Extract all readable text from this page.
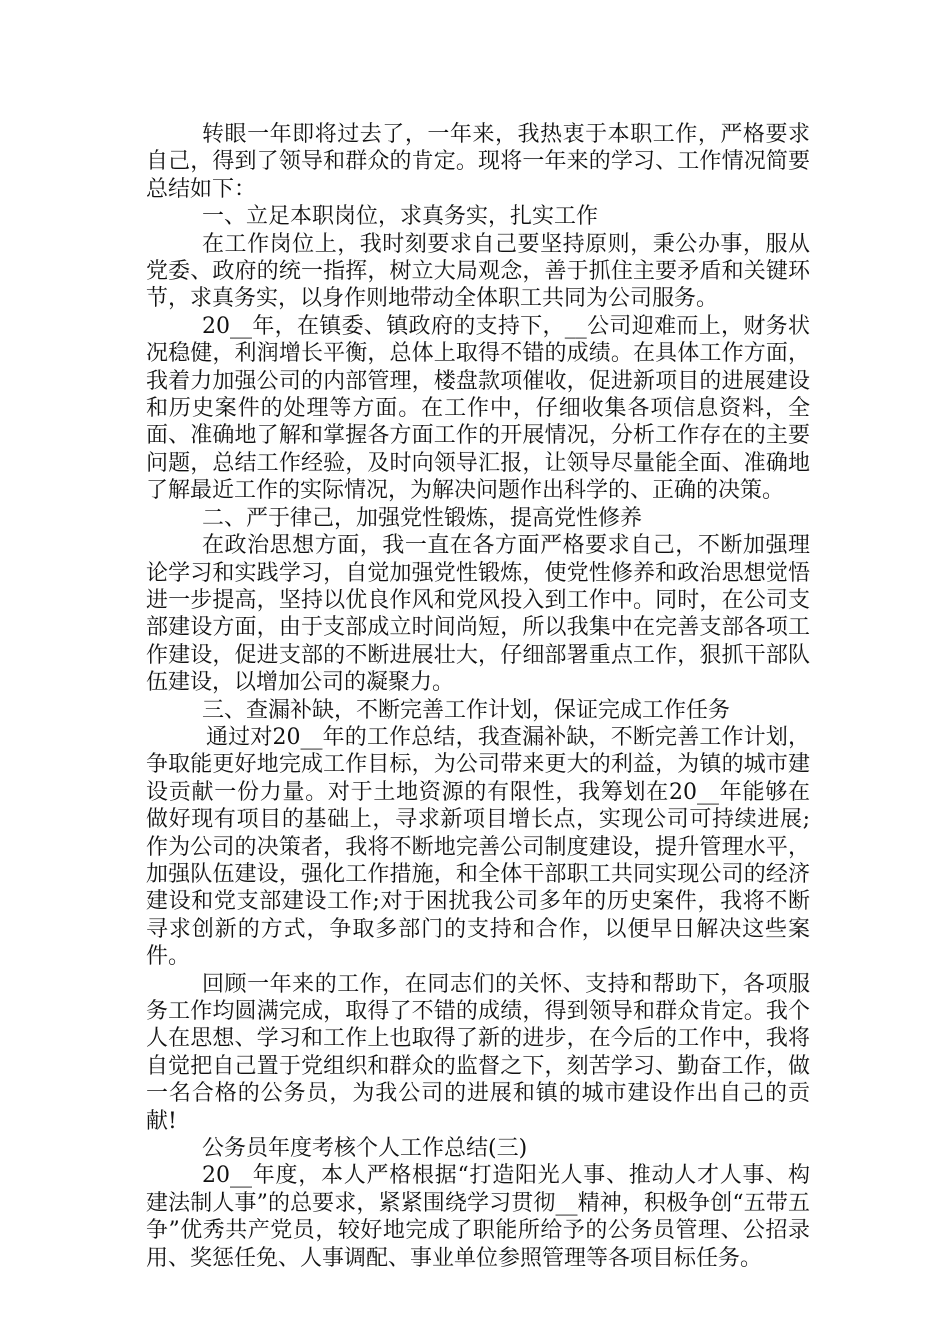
转眼一年即将过去了，一年来，我热衷于本职工作，严格要求自己，得到了领导和群众的肯定。现将一年来的学习、工作情况简要总结如下：

一、立足本职岗位，求真务实，扎实工作

在工作岗位上，我时刻要求自己要坚持原则，秉公办事，服从党委、政府的统一指挥，树立大局观念，善于抓住主要矛盾和关键环节，求真务实，以身作则地带动全体职工共同为公司服务。

20__年，在镇委、镇政府的支持下，__公司迎难而上，财务状况稳健，利润增长平衡，总体上取得不错的成绩。在具体工作方面，我着力加强公司的内部管理，楼盘款项催收，促进新项目的进展建设和历史案件的处理等方面。在工作中，仔细收集各项信息资料，全面、准确地了解和掌握各方面工作的开展情况，分析工作存在的主要问题，总结工作经验，及时向领导汇报，让领导尽量能全面、准确地了解最近工作的实际情况，为解决问题作出科学的、正确的决策。

二、严于律己，加强党性锻炼，提高党性修养

在政治思想方面，我一直在各方面严格要求自己，不断加强理论学习和实践学习，自觉加强党性锻炼，使党性修养和政治思想觉悟进一步提高，坚持以优良作风和党风投入到工作中。同时，在公司支部建设方面，由于支部成立时间尚短，所以我集中在完善支部各项工作建设，促进支部的不断进展壮大，仔细部署重点工作，狠抓干部队伍建设，以增加公司的凝聚力。

三、查漏补缺，不断完善工作计划，保证完成工作任务

通过对20__年的工作总结，我查漏补缺，不断完善工作计划，争取能更好地完成工作目标，为公司带来更大的利益，为镇的城市建设贡献一份力量。对于土地资源的有限性，我筹划在20__年能够在做好现有项目的基础上，寻求新项目增长点，实现公司可持续进展;作为公司的决策者，我将不断地完善公司制度建设，提升管理水平，加强队伍建设，强化工作措施，和全体干部职工共同实现公司的经济建设和党支部建设工作;对于困扰我公司多年的历史案件，我将不断寻求创新的方式，争取多部门的支持和合作，以便早日解决这些案件。

回顾一年来的工作，在同志们的关怀、支持和帮助下，各项服务工作均圆满完成，取得了不错的成绩，得到领导和群众肯定。我个人在思想、学习和工作上也取得了新的进步，在今后的工作中，我将自觉把自己置于党组织和群众的监督之下，刻苦学习、勤奋工作，做一名合格的公务员，为我公司的进展和镇的城市建设作出自己的贡献!

公务员年度考核个人工作总结(三)

20__年度，本人严格根据“打造阳光人事、推动人才人事、构建法制人事”的总要求，紧紧围绕学习贯彻__精神，积极争创“五带五争”优秀共产党员，较好地完成了职能所给予的公务员管理、公招录用、奖惩任免、人事调配、事业单位参照管理等各项目标任务。
